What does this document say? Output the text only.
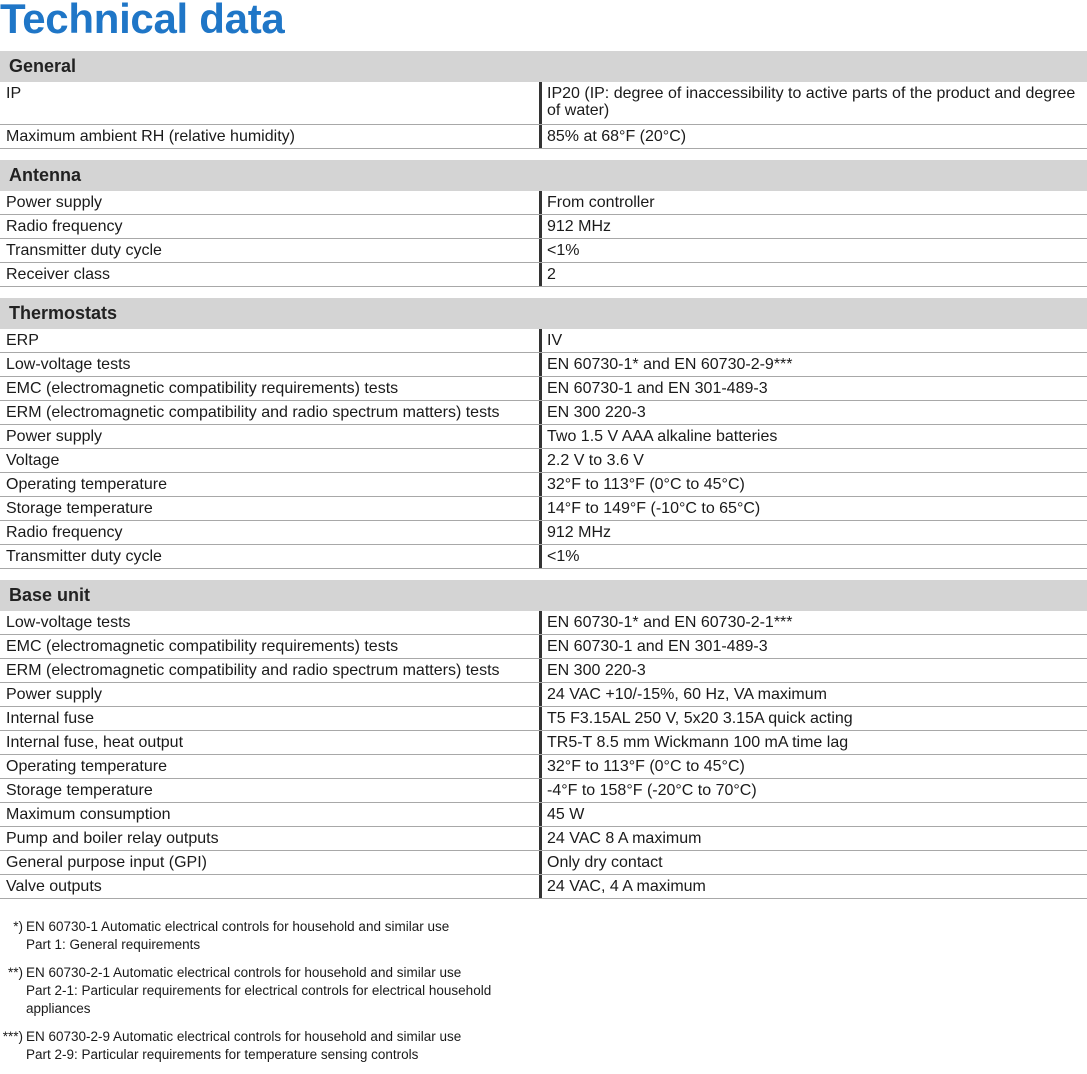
Technical data
General
IP	IP20 (IP: degree of inaccessibility to active parts of the product and degree of water)
Maximum ambient RH (relative humidity)	85% at 68°F (20°C)
Antenna
Power supply	From controller
Radio frequency	912 MHz
Transmitter duty cycle	<1%
Receiver class	2
Thermostats
ERP	IV
Low-voltage tests	EN 60730-1* and EN 60730-2-9***
EMC (electromagnetic compatibility requirements) tests	EN 60730-1 and EN 301-489-3
ERM (electromagnetic compatibility and radio spectrum matters) tests	EN 300 220-3
Power supply	Two 1.5 V AAA alkaline batteries
Voltage	2.2 V to 3.6 V
Operating temperature	32°F to 113°F (0°C to 45°C)
Storage temperature	14°F to 149°F (-10°C to 65°C)
Radio frequency	912 MHz
Transmitter duty cycle	<1%
Base unit
Low-voltage tests	EN 60730-1* and EN 60730-2-1***
EMC (electromagnetic compatibility requirements) tests	EN 60730-1 and EN 301-489-3
ERM (electromagnetic compatibility and radio spectrum matters) tests	EN 300 220-3
Power supply	24 VAC +10/-15%, 60 Hz, VA maximum
Internal fuse	T5 F3.15AL 250 V, 5x20 3.15A quick acting
Internal fuse, heat output	TR5-T 8.5 mm Wickmann 100 mA time lag
Operating temperature	32°F to 113°F (0°C to 45°C)
Storage temperature	-4°F to 158°F (-20°C to 70°C)
Maximum consumption	45 W
Pump and boiler relay outputs	24 VAC 8 A maximum
General purpose input (GPI)	Only dry contact
Valve outputs	24 VAC, 4 A maximum
*) EN 60730-1 Automatic electrical controls for household and similar use
Part 1: General requirements
**) EN 60730-2-1 Automatic electrical controls for household and similar use
Part 2-1: Particular requirements for electrical controls for electrical household appliances
***) EN 60730-2-9 Automatic electrical controls for household and similar use
Part 2-9: Particular requirements for temperature sensing controls
